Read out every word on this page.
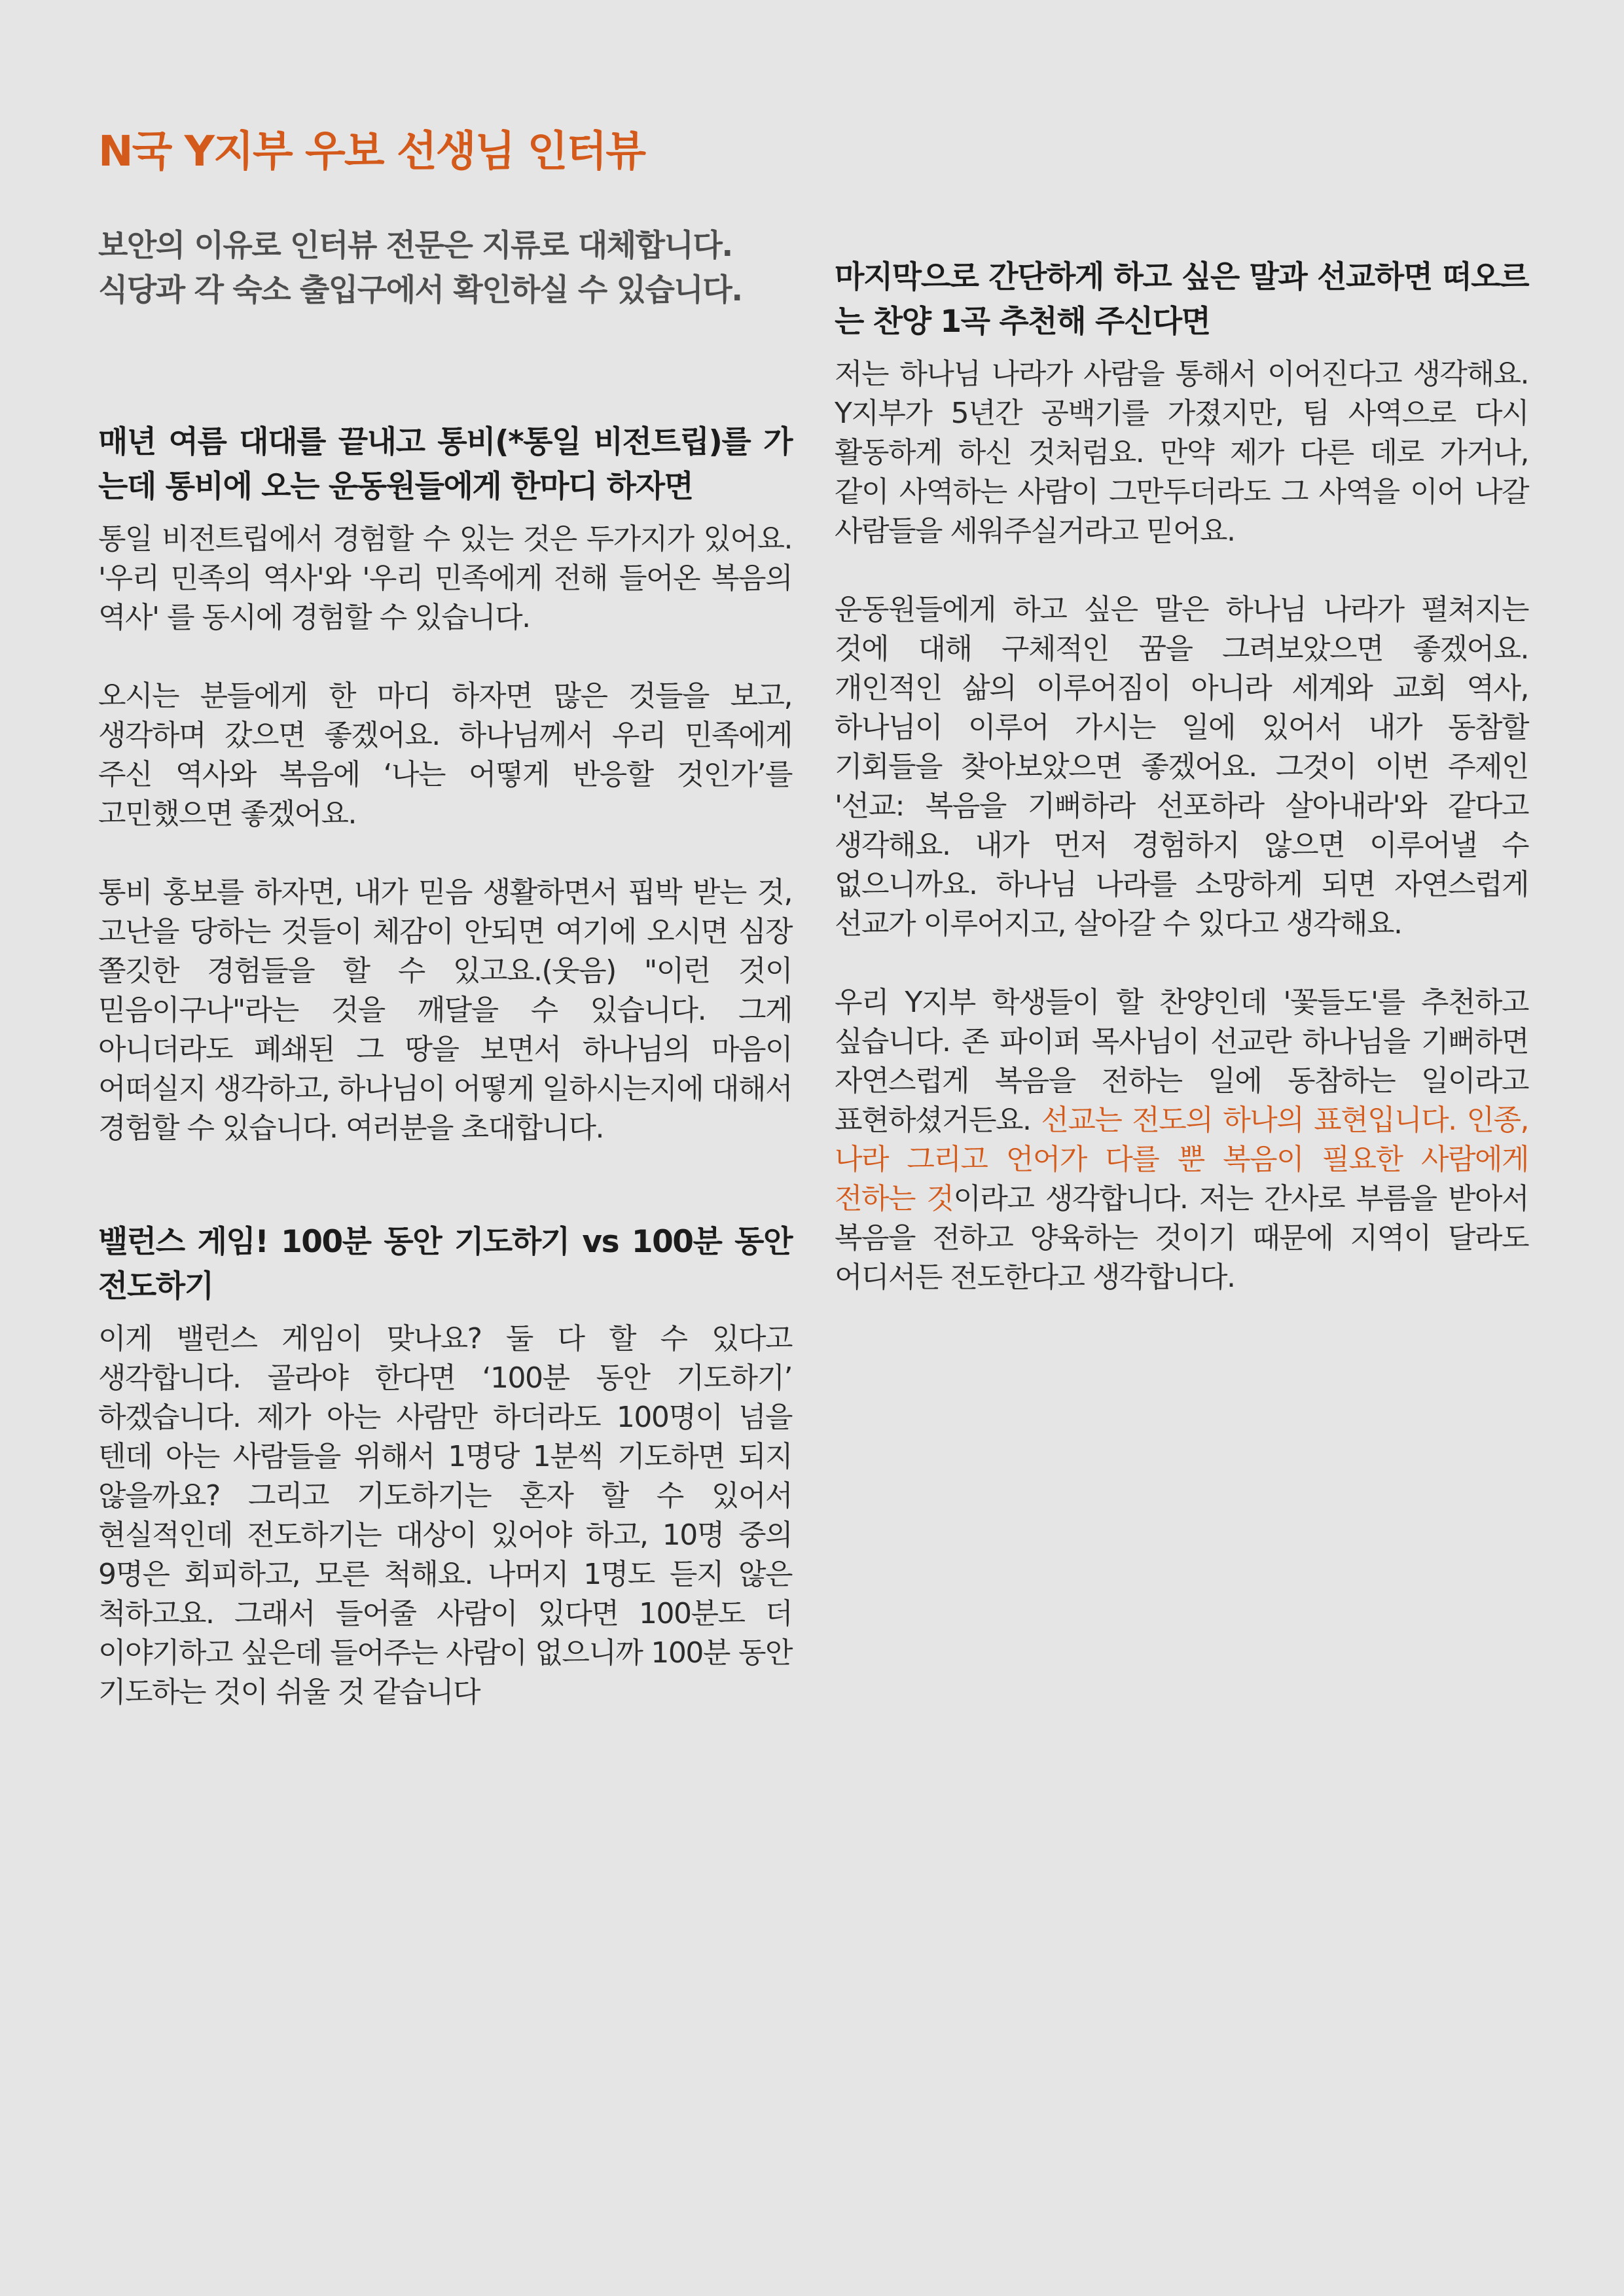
N국 Y지부 우보 선생님 인터뷰
보안의 이유로 인터뷰 전문은 지류로 대체합니다.
식당과 각 숙소 출입구에서 확인하실 수 있습니다.

매년 여름 대대를 끝내고 통비(*통일 비전트립)를 가는데 통비에 오는 운동원들에게 한마디 하자면

통일 비전트립에서 경험할 수 있는 것은 두가지가 있어요. '우리 민족의 역사'와 '우리 민족에게 전해 들어온 복음의 역사' 를 동시에 경험할 수 있습니다.

오시는 분들에게 한 마디 하자면 많은 것들을 보고, 생각하며 갔으면 좋겠어요. 하나님께서 우리 민족에게 주신 역사와 복음에 ‘나는 어떻게 반응할 것인가’를 고민했으면 좋겠어요.

통비 홍보를 하자면, 내가 믿음 생활하면서 핍박 받는 것, 고난을 당하는 것들이 체감이 안되면 여기에 오시면 심장 쫄깃한 경험들을 할 수 있고요.(웃음) "이런 것이 믿음이구나"라는 것을 깨달을 수 있습니다. 그게 아니더라도 폐쇄된 그 땅을 보면서 하나님의 마음이 어떠실지 생각하고, 하나님이 어떻게 일하시는지에 대해서 경험할 수 있습니다. 여러분을 초대합니다.

밸런스 게임! 100분 동안 기도하기 vs 100분 동안 전도하기

이게 밸런스 게임이 맞나요? 둘 다 할 수 있다고 생각합니다. 골라야 한다면 ‘100분 동안 기도하기’ 하겠습니다. 제가 아는 사람만 하더라도 100명이 넘을 텐데 아는 사람들을 위해서 1명당 1분씩 기도하면 되지 않을까요? 그리고 기도하기는 혼자 할 수 있어서 현실적인데 전도하기는 대상이 있어야 하고, 10명 중의 9명은 회피하고, 모른 척해요. 나머지 1명도 듣지 않은 척하고요. 그래서 들어줄 사람이 있다면 100분도 더 이야기하고 싶은데 들어주는 사람이 없으니까 100분 동안 기도하는 것이 쉬울 것 같습니다

마지막으로 간단하게 하고 싶은 말과 선교하면 떠오르는 찬양 1곡 추천해 주신다면

저는 하나님 나라가 사람을 통해서 이어진다고 생각해요. Y지부가 5년간 공백기를 가졌지만, 팀 사역으로 다시 활동하게 하신 것처럼요. 만약 제가 다른 데로 가거나, 같이 사역하는 사람이 그만두더라도 그 사역을 이어 나갈 사람들을 세워주실거라고 믿어요.

운동원들에게 하고 싶은 말은 하나님 나라가 펼쳐지는 것에 대해 구체적인 꿈을 그려보았으면 좋겠어요. 개인적인 삶의 이루어짐이 아니라 세계와 교회 역사, 하나님이 이루어 가시는 일에 있어서 내가 동참할 기회들을 찾아보았으면 좋겠어요. 그것이 이번 주제인 '선교: 복음을 기뻐하라 선포하라 살아내라'와 같다고 생각해요. 내가 먼저 경험하지 않으면 이루어낼 수 없으니까요. 하나님 나라를 소망하게 되면 자연스럽게 선교가 이루어지고, 살아갈 수 있다고 생각해요.

우리 Y지부 학생들이 할 찬양인데 '꽃들도'를 추천하고 싶습니다. 존 파이퍼 목사님이 선교란 하나님을 기뻐하면 자연스럽게 복음을 전하는 일에 동참하는 일이라고 표현하셨거든요. 선교는 전도의 하나의 표현입니다. 인종, 나라 그리고 언어가 다를 뿐 복음이 필요한 사람에게 전하는 것이라고 생각합니다. 저는 간사로 부름을 받아서 복음을 전하고 양육하는 것이기 때문에 지역이 달라도 어디서든 전도한다고 생각합니다.
